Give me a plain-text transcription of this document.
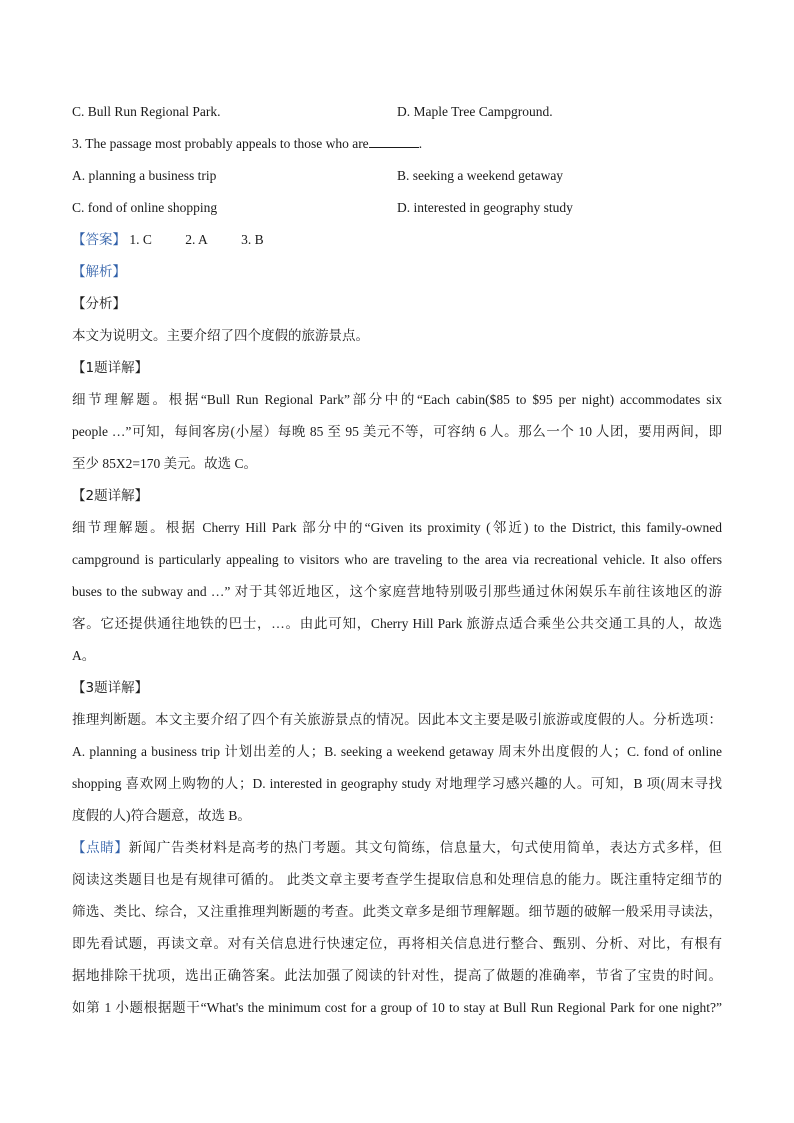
C. Bull Run Regional Park.	D. Maple Tree Campground.
3. The passage most probably appeals to those who are	.
A. planning a business trip	B. seeking a weekend getaway
C. fond of online shopping	D. interested in geography study
【答案】 1. C 2. A 3. B
【解析】
【分析】
本文为说明文。主要介绍了四个度假的旅游景点。
【1题详解】
细节理解题。根据“Bull Run Regional Park”部分中的“Each cabin($85 to $95 per night) accommodates six
people …”可知，每间客房(小屋）每晚 85 至 95 美元不等，可容纳 6 人。那么一个 10 人团，要用两间，即
至少 85X2=170 美元。故选 C。
【2题详解】
细节理解题。根据 Cherry Hill Park 部分中的“Given its proximity (邻近) to the District, this family-owned
campground is particularly appealing to visitors who are traveling to the area via recreational vehicle. It also offers
buses to the subway and …” 对于其邻近地区，这个家庭营地特别吸引那些通过休闲娱乐车前往该地区的游
客。它还提供通往地铁的巴士，…。由此可知，Cherry Hill Park 旅游点适合乘坐公共交通工具的人，故选
A。
【3题详解】
推理判断题。本文主要介绍了四个有关旅游景点的情况。因此本文主要是吸引旅游或度假的人。分析选项：
A. planning a business trip 计划出差的人；B. seeking a weekend getaway 周末外出度假的人；C. fond of online
shopping 喜欢网上购物的人；D. interested in geography study 对地理学习感兴趣的人。可知，B 项(周末寻找
度假的人)符合题意，故选 B。
【点睛】新闻广告类材料是高考的热门考题。其文句简练，信息量大，句式使用简单，表达方式多样，但
阅读这类题目也是有规律可循的。 此类文章主要考查学生提取信息和处理信息的能力。既注重特定细节的
筛选、类比、综合，又注重推理判断题的考查。此类文章多是细节理解题。细节题的破解一般采用寻读法，
即先看试题，再读文章。对有关信息进行快速定位，再将相关信息进行整合、甄别、分析、对比，有根有
据地排除干扰项，选出正确答案。此法加强了阅读的针对性，提高了做题的准确率，节省了宝贵的时间。
如第 1 小题根据题干“What's the minimum cost for a group of 10 to stay at Bull Run Regional Park for one night?”
